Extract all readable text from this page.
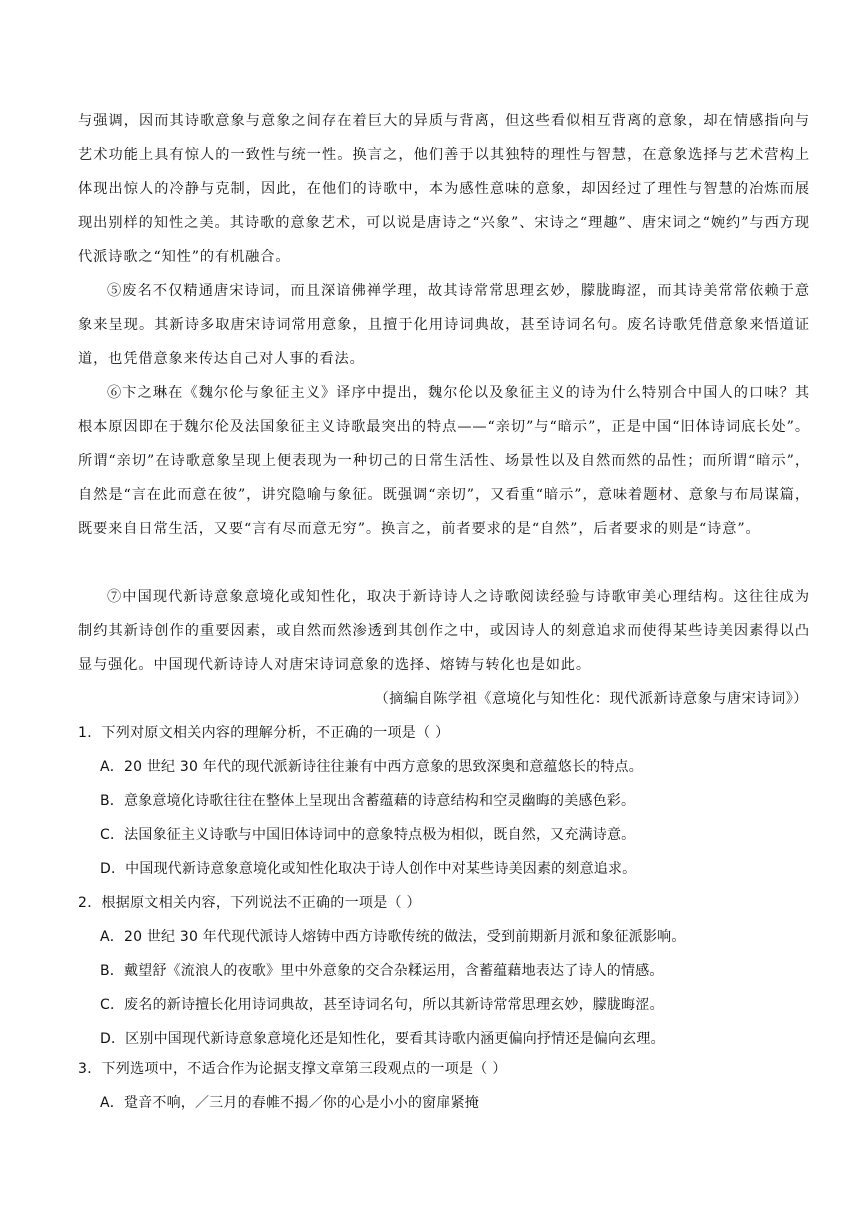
与强调，因而其诗歌意象与意象之间存在着巨大的异质与背离，但这些看似相互背离的意象，却在情感指向与艺术功能上具有惊人的一致性与统一性。换言之，他们善于以其独特的理性与智慧，在意象选择与艺术营构上体现出惊人的冷静与克制，因此，在他们的诗歌中，本为感性意味的意象，却因经过了理性与智慧的冶炼而展现出别样的知性之美。其诗歌的意象艺术，可以说是唐诗之“兴象”、宋诗之“理趣”、唐宋词之“婉约”与西方现代派诗歌之“知性”的有机融合。
⑤废名不仅精通唐宋诗词，而且深谙佛禅学理，故其诗常常思理玄妙，朦胧晦涩，而其诗美常常依赖于意象来呈现。其新诗多取唐宋诗词常用意象，且擅于化用诗词典故，甚至诗词名句。废名诗歌凭借意象来悟道证道，也凭借意象来传达自己对人事的看法。
⑥卞之琳在《魏尔伦与象征主义》译序中提出，魏尔伦以及象征主义的诗为什么特别合中国人的口味？其根本原因即在于魏尔伦及法国象征主义诗歌最突出的特点——“亲切”与“暗示”，正是中国“旧体诗词底长处”。所谓“亲切”在诗歌意象呈现上便表现为一种切己的日常生活性、场景性以及自然而然的品性；而所谓“暗示”，自然是“言在此而意在彼”，讲究隐喻与象征。既强调“亲切”，又看重“暗示”，意味着题材、意象与布局谋篇，既要来自日常生活，又要“言有尽而意无穷”。换言之，前者要求的是“自然”，后者要求的则是“诗意”。
⑦中国现代新诗意象意境化或知性化，取决于新诗诗人之诗歌阅读经验与诗歌审美心理结构。这往往成为制约其新诗创作的重要因素，或自然而然渗透到其创作之中，或因诗人的刻意追求而使得某些诗美因素得以凸显与强化。中国现代新诗诗人对唐宋诗词意象的选择、熔铸与转化也是如此。
（摘编自陈学祖《意境化与知性化：现代派新诗意象与唐宋诗词》）
1．下列对原文相关内容的理解分析，不正确的一项是（ ）
A．20 世纪 30 年代的现代派新诗往往兼有中西方意象的思致深奥和意蕴悠长的特点。
B．意象意境化诗歌往往在整体上呈现出含蓄蕴藉的诗意结构和空灵幽晦的美感色彩。
C．法国象征主义诗歌与中国旧体诗词中的意象特点极为相似，既自然，又充满诗意。
D．中国现代新诗意象意境化或知性化取决于诗人创作中对某些诗美因素的刻意追求。
2．根据原文相关内容，下列说法不正确的一项是（ ）
A．20 世纪 30 年代现代派诗人熔铸中西方诗歌传统的做法，受到前期新月派和象征派影响。
B．戴望舒《流浪人的夜歌》里中外意象的交合杂糅运用，含蓄蕴藉地表达了诗人的情感。
C．废名的新诗擅长化用诗词典故，甚至诗词名句，所以其新诗常常思理玄妙，朦胧晦涩。
D．区别中国现代新诗意象意境化还是知性化，要看其诗歌内涵更偏向抒情还是偏向玄理。
3．下列选项中，不适合作为论据支撑文章第三段观点的一项是（ ）
A．跫音不响，／三月的春帷不揭／你的心是小小的窗扉紧掩
